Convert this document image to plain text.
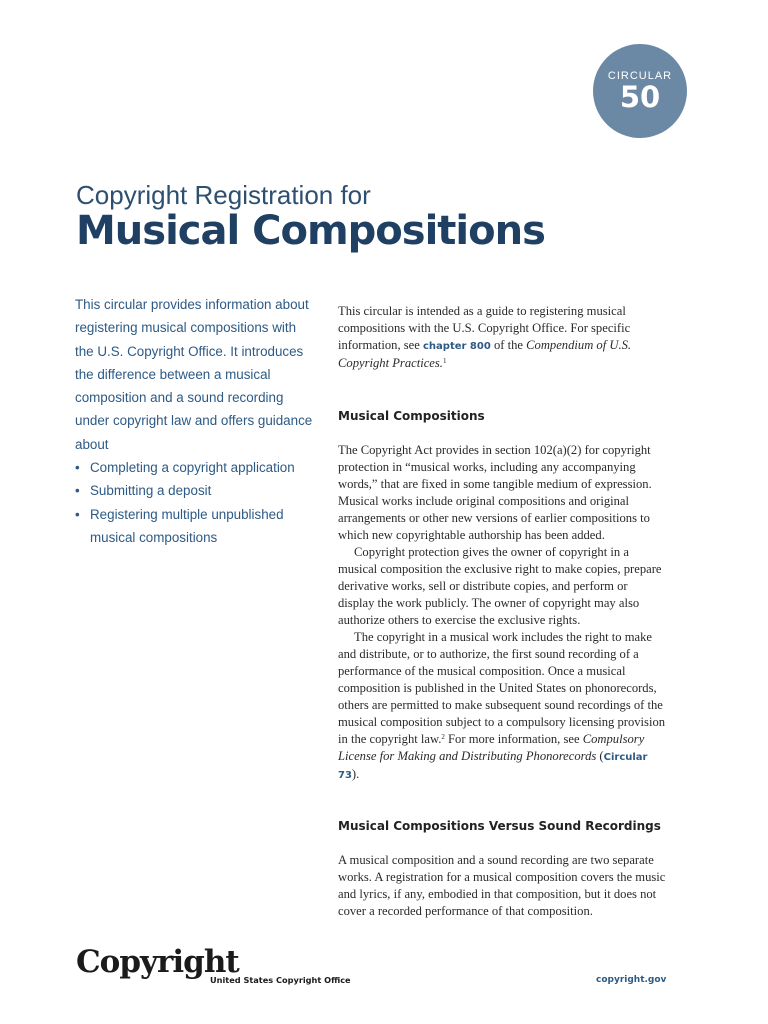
CIRCULAR
50
Copyright Registration for
Musical Compositions

This circular provides information about registering musical compositions with the U.S. Copyright Office. It introduces the difference between a musical composition and a sound recording under copyright law and offers guidance about

• Completing a copyright application
• Submitting a deposit
• Registering multiple unpublished musical compositions

This circular is intended as a guide to registering musical compositions with the U.S. Copyright Office. For specific information, see chapter 800 of the Compendium of U.S. Copyright Practices.$^1$

Musical Compositions

The Copyright Act provides in section 102(a)(2) for copyright protection in “musical works, including any accompanying words,” that are fixed in some tangible medium of expression. Musical works include original compositions and original arrangements or other new versions of earlier compositions to which new copyrightable authorship has been added.

Copyright protection gives the owner of copyright in a musical composition the exclusive right to make copies, prepare derivative works, sell or distribute copies, and perform or display the work publicly. The owner of copyright may also authorize others to exercise the exclusive rights.

The copyright in a musical work includes the right to make and distribute, or to authorize, the first sound recording of a performance of the musical composition. Once a musical composition is published in the United States on phonorecords, others are permitted to make subsequent sound recordings of the musical composition subject to a compulsory licensing provision in the copyright law.$^2$ For more information, see Compulsory License for Making and Distributing Phonorecords (Circular 73).

Musical Compositions Versus Sound Recordings

A musical composition and a sound recording are two separate works. A registration for a musical composition covers the music and lyrics, if any, embodied in that composition, but it does not cover a recorded performance of that composition.

Copyright
United States Copyright Office	copyright.gov
